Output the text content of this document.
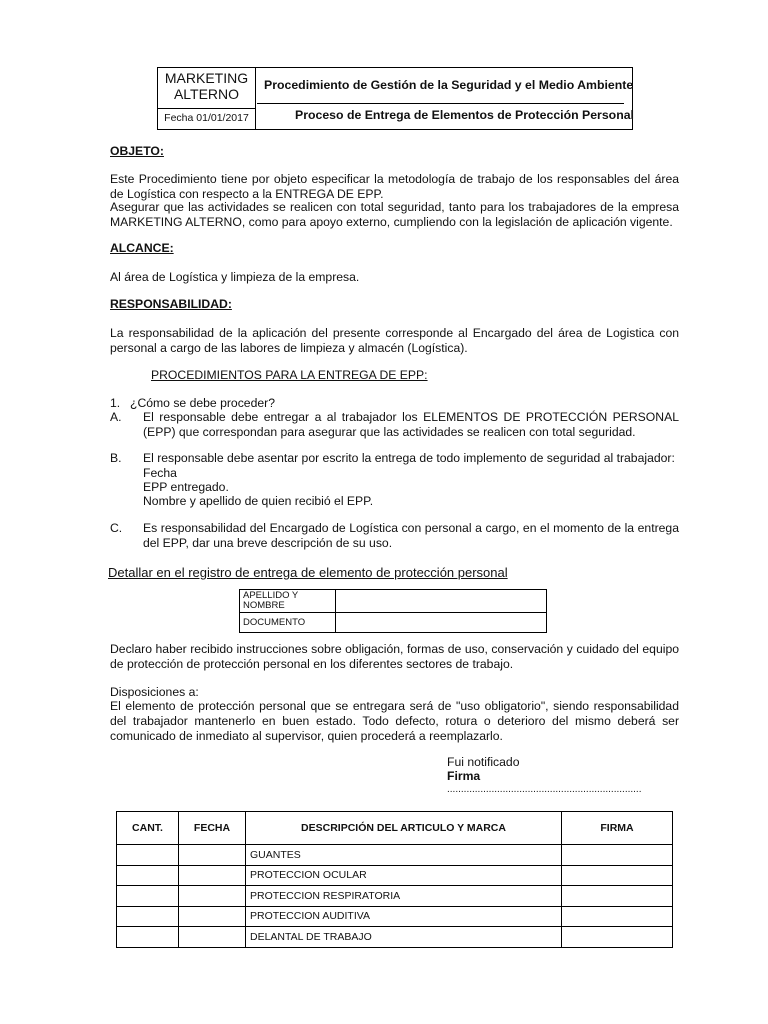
MARKETING ALTERNO
Fecha 01/01/2017
Procedimiento de Gestión de la Seguridad y el Medio Ambiente
Proceso de Entrega de Elementos de Protección Personal
OBJETO:
Este Procedimiento tiene por objeto especificar la metodología de trabajo de los responsables del área de Logística con respecto a la ENTREGA DE EPP.
Asegurar que las actividades se realicen con total seguridad, tanto para los trabajadores de la empresa MARKETING ALTERNO, como para apoyo externo, cumpliendo con la legislación de aplicación vigente.
ALCANCE:
Al área de Logística y limpieza de la empresa.
RESPONSABILIDAD:
La responsabilidad de la aplicación del presente corresponde al Encargado del área de Logistica con personal a cargo de las labores de limpieza y almacén (Logística).
PROCEDIMIENTOS PARA LA ENTREGA DE EPP:
1. ¿Cómo se debe proceder?
A. El responsable debe entregar a al trabajador los ELEMENTOS DE PROTECCIÓN PERSONAL (EPP) que correspondan para asegurar que las actividades se realicen con total seguridad.
B. El responsable debe asentar por escrito la entrega de todo implemento de seguridad al trabajador:
Fecha
EPP entregado.
Nombre y apellido de quien recibió el EPP.
C. Es responsabilidad del Encargado de Logística con personal a cargo, en el momento de la entrega del EPP, dar una breve descripción de su uso.
Detallar en el registro de entrega de elemento de protección personal
APELLIDO Y NOMBRE	
DOCUMENTO	
Declaro haber recibido instrucciones sobre obligación, formas de uso, conservación y cuidado del equipo de protección de protección personal en los diferentes sectores de trabajo.
Disposiciones a:
El elemento de protección personal que se entregara será de "uso obligatorio", siendo responsabilidad del trabajador mantenerlo en buen estado. Todo defecto, rotura o deterioro del mismo deberá ser comunicado de inmediato al supervisor, quien procederá a reemplazarlo.
Fui notificado
Firma
......................................................................
CANT.	FECHA	DESCRIPCIÓN DEL ARTICULO Y MARCA	FIRMA
		GUANTES	
		PROTECCION OCULAR	
		PROTECCION RESPIRATORIA	
		PROTECCION AUDITIVA	
		DELANTAL DE TRABAJO	
